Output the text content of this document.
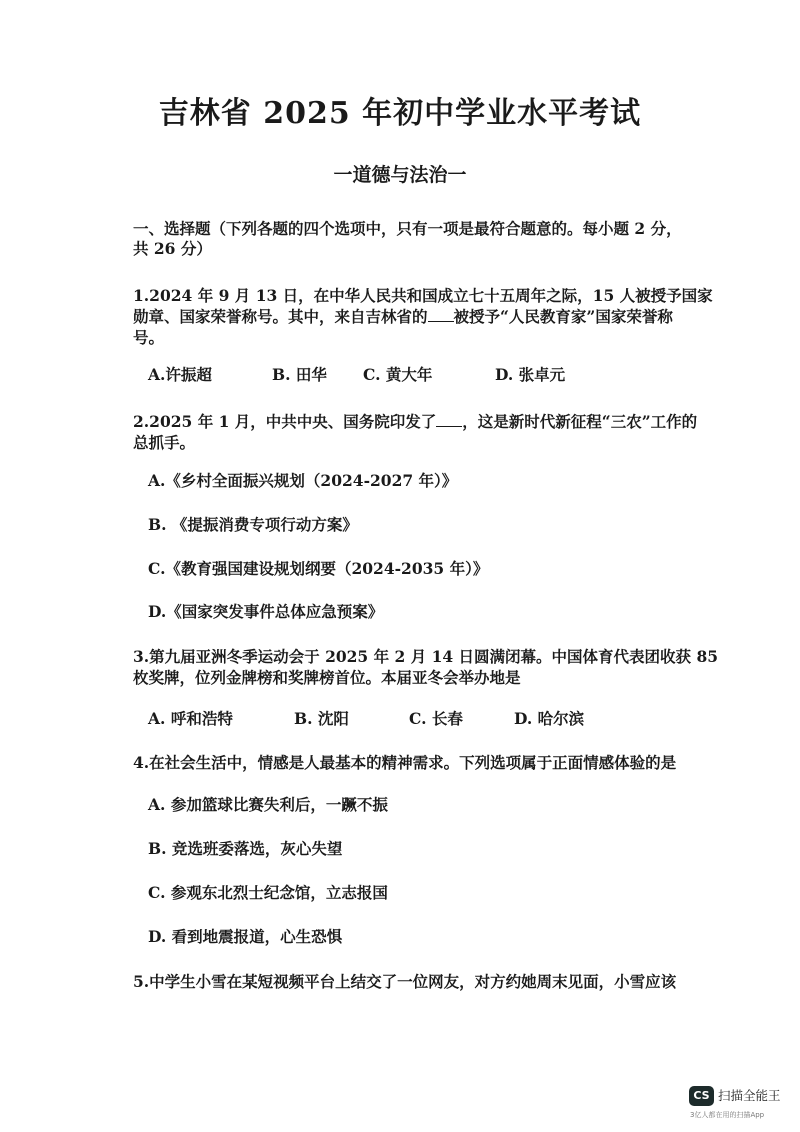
吉林省 2025 年初中学业水平考试
一道德与法治一
一、选择题（下列各题的四个选项中，只有一项是最符合题意的。每小题 2 分，
共 26 分）
1.2024 年 9 月 13 日，在中华人民共和国成立七十五周年之际，15 人被授予国家
勋章、国家荣誉称号。其中，来自吉林省的 被授予“人民教育家”国家荣誉称
号。
A.许振超	B. 田华 C. 黄大年	D. 张卓元
2.2025 年 1 月，中共中央、国务院印发了 ，这是新时代新征程“三农”工作的
总抓手。
A.《乡村全面振兴规划（2024-2027 年）》
B. 《提振消费专项行动方案》
C.《教育强国建设规划纲要（2024-2035 年）》
D.《国家突发事件总体应急预案》
3.第九届亚洲冬季运动会于 2025 年 2 月 14 日圆满闭幕。中国体育代表团收获 85
枚奖牌，位列金牌榜和奖牌榜首位。本届亚冬会举办地是
A. 呼和浩特	B. 沈阳	C. 长春	D. 哈尔滨
4.在社会生活中，情感是人最基本的精神需求。下列选项属于正面情感体验的是
A. 参加篮球比赛失利后，一蹶不振
B. 竞选班委落选，灰心失望
C. 参观东北烈士纪念馆，立志报国
D. 看到地震报道，心生恐惧
5.中学生小雪在某短视频平台上结交了一位网友，对方约她周末见面，小雪应该
CS 扫描全能王
3亿人都在用的扫描App
